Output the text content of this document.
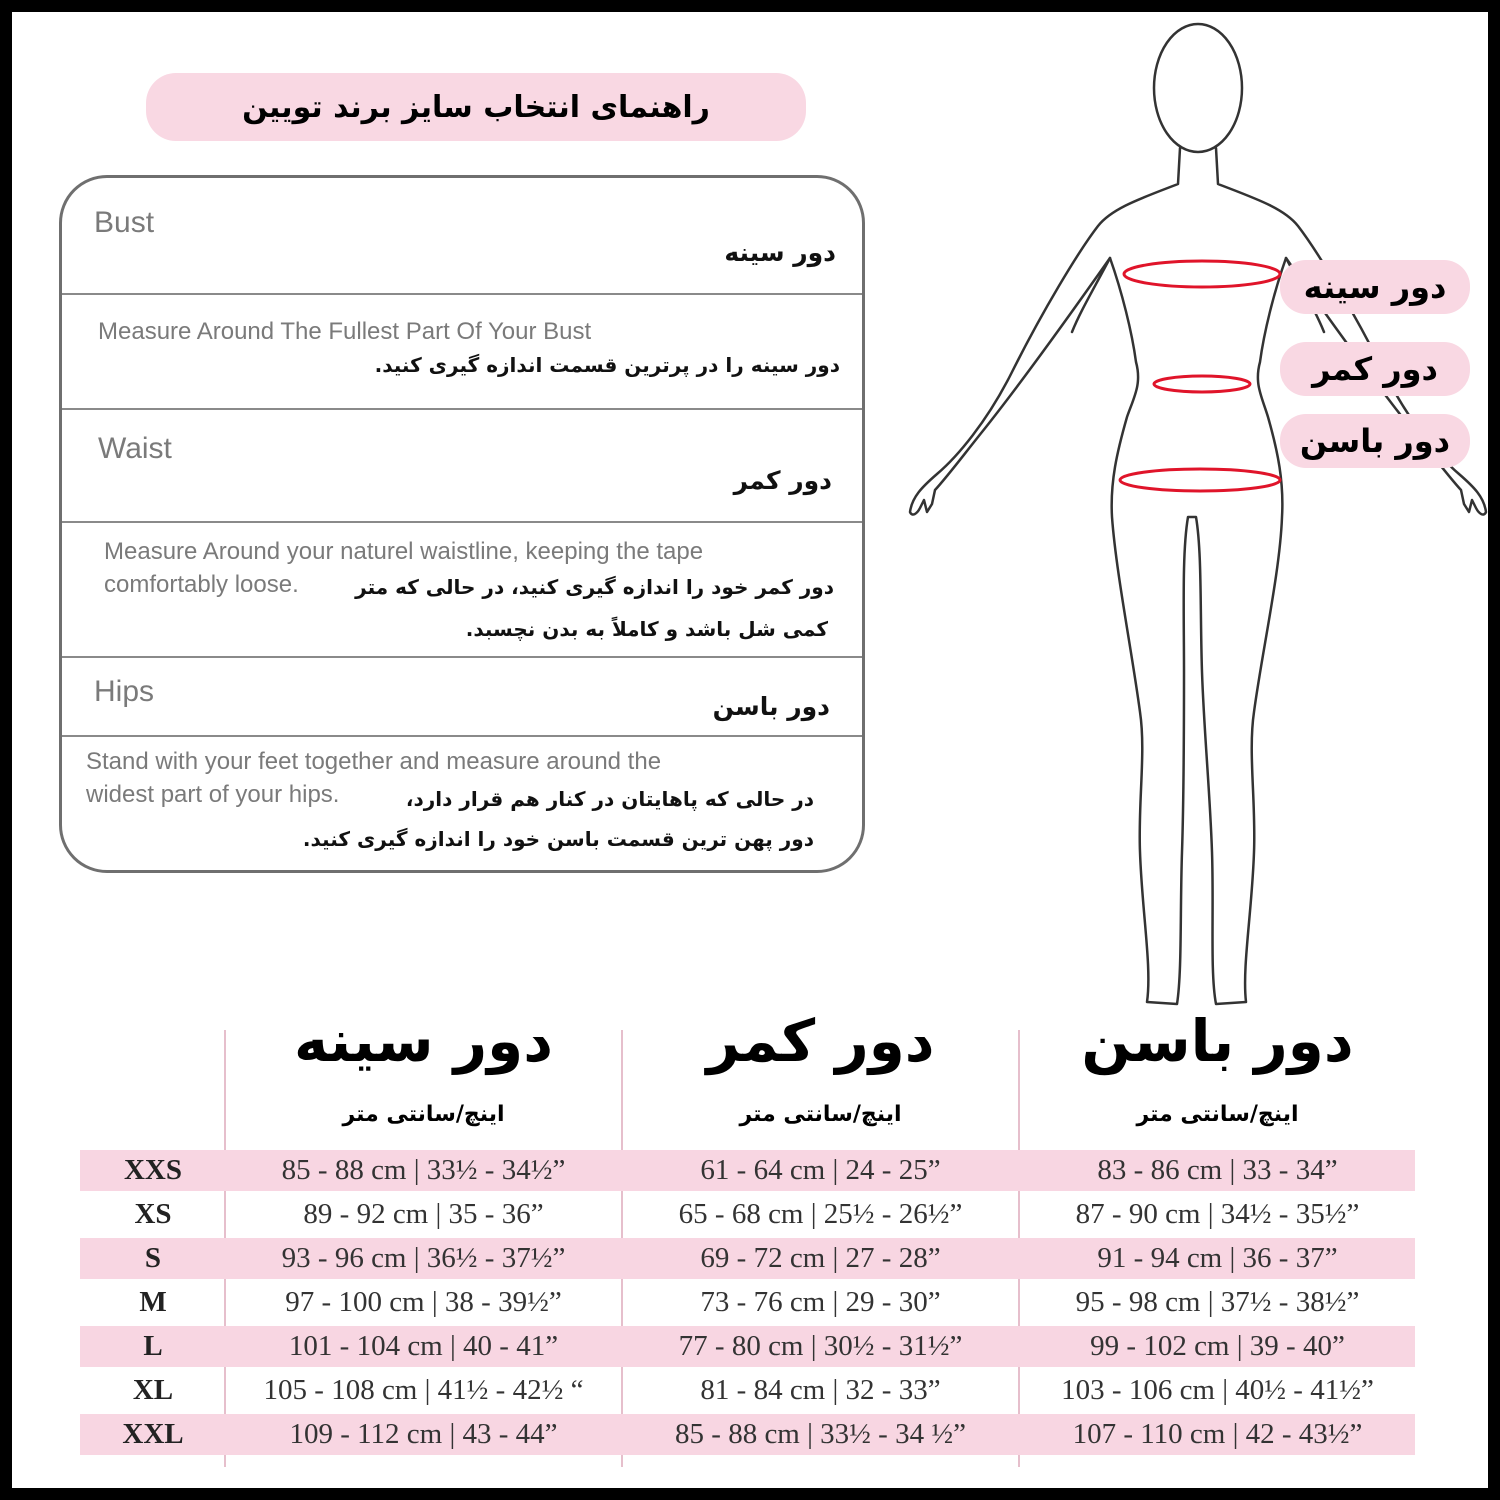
راهنمای انتخاب سایز برند تویین
Bust
دور سینه
Measure Around The Fullest Part Of Your Bust
دور سینه را در پرترین قسمت اندازه گیری کنید.
Waist
دور کمر
Measure Around your naturel waistline, keeping the tape
comfortably loose.	دور کمر خود را اندازه گیری کنید، در حالی که متر
کمی شل باشد و کاملاً به بدن نچسبد.
Hips	دور باسن
Stand with your feet together and measure around the
widest part of your hips.	در حالی که پاهایتان در کنار هم قرار دارد،
دور پهن ترین قسمت باسن خود را اندازه گیری کنید.
دور سینه
دور کمر
دور باسن
دور سینه	دور کمر	دور باسن
اینچ/سانتی متر	اینچ/سانتی متر	اینچ/سانتی متر
XXS	85 - 88 cm | 33½ - 34½”	61 - 64 cm | 24 - 25”	83 - 86 cm | 33 - 34”
XS	89 - 92 cm | 35 - 36”	65 - 68 cm | 25½ - 26½”	87 - 90 cm | 34½ - 35½”
S	93 - 96 cm | 36½ - 37½”	69 - 72 cm | 27 - 28”	91 - 94 cm | 36 - 37”
M	97 - 100 cm | 38 - 39½”	73 - 76 cm | 29 - 30”	95 - 98 cm | 37½ - 38½”
L	101 - 104 cm | 40 - 41”	77 - 80 cm | 30½ - 31½”	99 - 102 cm | 39 - 40”
XL	105 - 108 cm | 41½ - 42½ “	81 - 84 cm | 32 - 33”	103 - 106 cm | 40½ - 41½”
XXL	109 - 112 cm | 43 - 44”	85 - 88 cm | 33½ - 34 ½”	107 - 110 cm | 42 - 43½”
